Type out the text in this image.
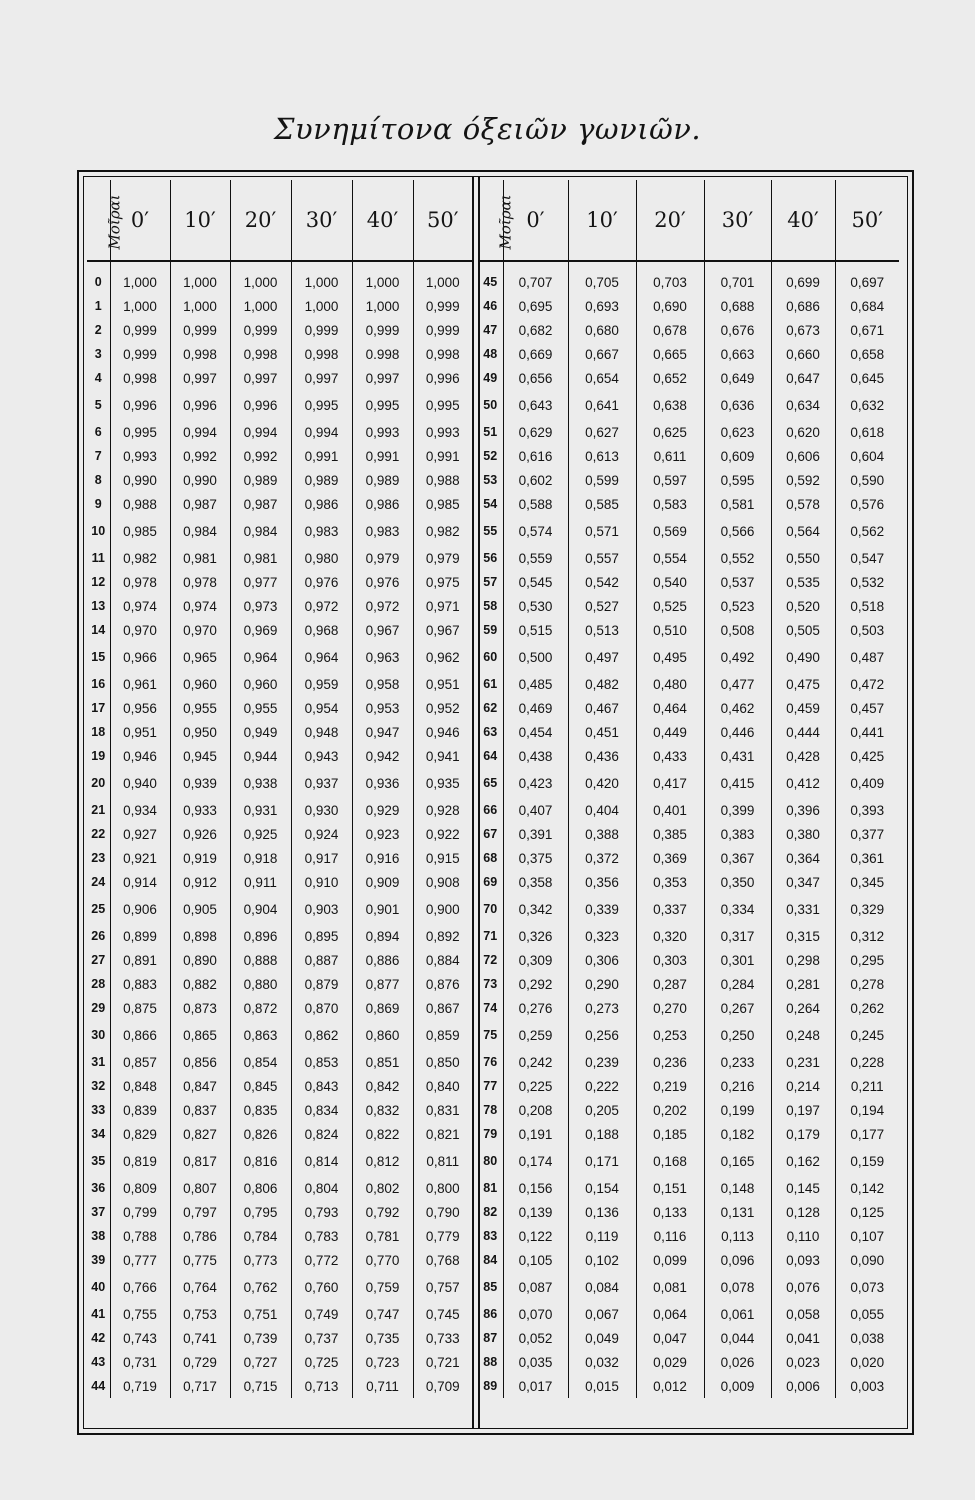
Συνημίτονα όξειῶν γωνιῶν.
Μοῖραι	0′	10′	20′	30′	40′	50′
0	1,000	1,000	1,000	1,000	1,000	1,000
1	1,000	1,000	1,000	1,000	1,000	0,999
2	0,999	0,999	0,999	0,999	0,999	0,999
3	0,999	0,998	0,998	0,998	0.998	0,998
4	0,998	0,997	0,997	0,997	0,997	0,996
5	0,996	0,996	0,996	0,995	0,995	0,995
6	0,995	0,994	0,994	0,994	0,993	0,993
7	0,993	0,992	0,992	0,991	0,991	0,991
8	0,990	0,990	0,989	0,989	0,989	0,988
9	0,988	0,987	0,987	0,986	0,986	0,985
10	0,985	0,984	0,984	0,983	0,983	0,982
11	0,982	0,981	0,981	0,980	0,979	0,979
12	0,978	0,978	0,977	0,976	0,976	0,975
13	0,974	0,974	0,973	0,972	0,972	0,971
14	0,970	0,970	0,969	0,968	0,967	0,967
15	0,966	0,965	0,964	0,964	0,963	0,962
16	0,961	0,960	0,960	0,959	0,958	0,951
17	0,956	0,955	0,955	0,954	0,953	0,952
18	0,951	0,950	0,949	0,948	0,947	0,946
19	0,946	0,945	0,944	0,943	0,942	0,941
20	0,940	0,939	0,938	0,937	0,936	0,935
21	0,934	0,933	0,931	0,930	0,929	0,928
22	0,927	0,926	0,925	0,924	0,923	0,922
23	0,921	0,919	0,918	0,917	0,916	0,915
24	0,914	0,912	0,911	0,910	0,909	0,908
25	0,906	0,905	0,904	0,903	0,901	0,900
26	0,899	0,898	0,896	0,895	0,894	0,892
27	0,891	0,890	0,888	0,887	0,886	0,884
28	0,883	0,882	0,880	0,879	0,877	0,876
29	0,875	0,873	0,872	0,870	0,869	0,867
30	0,866	0,865	0,863	0,862	0,860	0,859
31	0,857	0,856	0,854	0,853	0,851	0,850
32	0,848	0,847	0,845	0,843	0,842	0,840
33	0,839	0,837	0,835	0,834	0,832	0,831
34	0,829	0,827	0,826	0,824	0,822	0,821
35	0,819	0,817	0,816	0,814	0,812	0,811
36	0,809	0,807	0,806	0,804	0,802	0,800
37	0,799	0,797	0,795	0,793	0,792	0,790
38	0,788	0,786	0,784	0,783	0,781	0,779
39	0,777	0,775	0,773	0,772	0,770	0,768
40	0,766	0,764	0,762	0,760	0,759	0,757
41	0,755	0,753	0,751	0,749	0,747	0,745
42	0,743	0,741	0,739	0,737	0,735	0,733
43	0,731	0,729	0,727	0,725	0,723	0,721
44	0,719	0,717	0,715	0,713	0,711	0,709
Μοῖραι	0′	10′	20′	30′	40′	50′
45	0,707	0,705	0,703	0,701	0,699	0,697
46	0,695	0,693	0,690	0,688	0,686	0,684
47	0,682	0,680	0,678	0,676	0,673	0,671
48	0,669	0,667	0,665	0,663	0,660	0,658
49	0,656	0,654	0,652	0,649	0,647	0,645
50	0,643	0,641	0,638	0,636	0,634	0,632
51	0,629	0,627	0,625	0,623	0,620	0,618
52	0,616	0,613	0,611	0,609	0,606	0,604
53	0,602	0,599	0,597	0,595	0,592	0,590
54	0,588	0,585	0,583	0,581	0,578	0,576
55	0,574	0,571	0,569	0,566	0,564	0,562
56	0,559	0,557	0,554	0,552	0,550	0,547
57	0,545	0,542	0,540	0,537	0,535	0,532
58	0,530	0,527	0,525	0,523	0,520	0,518
59	0,515	0,513	0,510	0,508	0,505	0,503
60	0,500	0,497	0,495	0,492	0,490	0,487
61	0,485	0,482	0,480	0,477	0,475	0,472
62	0,469	0,467	0,464	0,462	0,459	0,457
63	0,454	0,451	0,449	0,446	0,444	0,441
64	0,438	0,436	0,433	0,431	0,428	0,425
65	0,423	0,420	0,417	0,415	0,412	0,409
66	0,407	0,404	0,401	0,399	0,396	0,393
67	0,391	0,388	0,385	0,383	0,380	0,377
68	0,375	0,372	0,369	0,367	0,364	0,361
69	0,358	0,356	0,353	0,350	0,347	0,345
70	0,342	0,339	0,337	0,334	0,331	0,329
71	0,326	0,323	0,320	0,317	0,315	0,312
72	0,309	0,306	0,303	0,301	0,298	0,295
73	0,292	0,290	0,287	0,284	0,281	0,278
74	0,276	0,273	0,270	0,267	0,264	0,262
75	0,259	0,256	0,253	0,250	0,248	0,245
76	0,242	0,239	0,236	0,233	0,231	0,228
77	0,225	0,222	0,219	0,216	0,214	0,211
78	0,208	0,205	0,202	0,199	0,197	0,194
79	0,191	0,188	0,185	0,182	0,179	0,177
80	0,174	0,171	0,168	0,165	0,162	0,159
81	0,156	0,154	0,151	0,148	0,145	0,142
82	0,139	0,136	0,133	0,131	0,128	0,125
83	0,122	0,119	0,116	0,113	0,110	0,107
84	0,105	0,102	0,099	0,096	0,093	0,090
85	0,087	0,084	0,081	0,078	0,076	0,073
86	0,070	0,067	0,064	0,061	0,058	0,055
87	0,052	0,049	0,047	0,044	0,041	0,038
88	0,035	0,032	0,029	0,026	0,023	0,020
89	0,017	0,015	0,012	0,009	0,006	0,003
